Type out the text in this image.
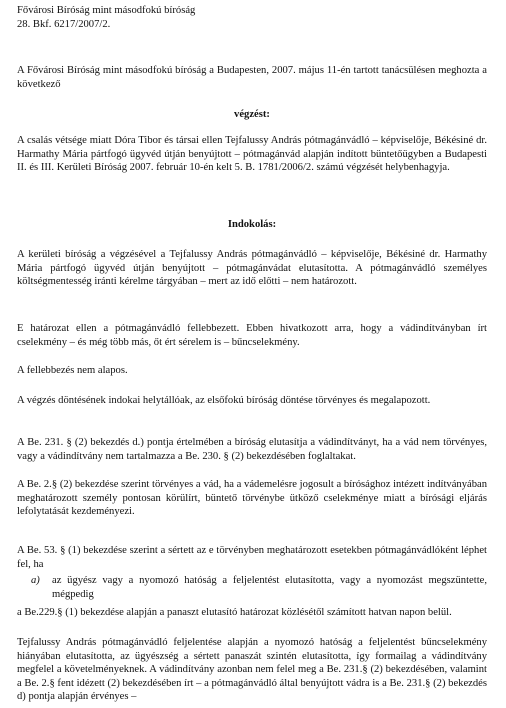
Fővárosi Bíróság mint másodfokú bíróság

28. Bkf. 6217/2007/2.

A Fővárosi Bíróság mint másodfokú bíróság a Budapesten, 2007. május 11-én tartott tanácsülésen meghozta a következő

végzést:

A csalás vétsége miatt Dóra Tibor és társai ellen Tejfalussy András pótmagánvádló – képviselője, Békésiné dr. Harmathy Mária pártfogó ügyvéd útján benyújtott – pótmagánvád alapján indított büntetőügyben a Budapesti II. és III. Kerületi Bíróság 2007. február 10-én kelt 5. B. 1781/2006/2. számú végzését helybenhagyja.

Indokolás:

A kerületi bíróság a végzésével a Tejfalussy András pótmagánvádló – képviselője, Békésiné dr. Harmathy Mária pártfogó ügyvéd útján benyújtott – pótmagánvádat elutasította. A pótmagánvádló személyes költségmentesség iránti kérelme tárgyában – mert az idő előtti – nem határozott.

E határozat ellen a pótmagánvádló fellebbezett. Ebben hivatkozott arra, hogy a vádindítványban írt cselekmény – és még több más, őt ért sérelem is – bűncselekmény.

A fellebbezés nem alapos.

A végzés döntésének indokai helytállóak, az elsőfokú bíróság döntése törvényes és megalapozott.

A Be. 231. § (2) bekezdés d.) pontja értelmében a bíróság elutasítja a vádindítványt, ha a vád nem törvényes, vagy a vádindítvány nem tartalmazza a Be. 230. § (2) bekezdésében foglaltakat.

A Be. 2.§ (2) bekezdése szerint törvényes a vád, ha a vádemelésre jogosult a bírósághoz intézett indítványában meghatározott személy pontosan körülírt, büntető törvénybe ütköző cselekménye miatt a bírósági eljárás lefolytatását kezdeményezi.

A Be. 53. § (1) bekezdése szerint a sértett az e törvényben meghatározott esetekben pótmagánvádlóként léphet fel, ha

a) az ügyész vagy a nyomozó hatóság a feljelentést elutasította, vagy a nyomozást megszüntette, mégpedig

a Be.229.§ (1) bekezdése alapján a panaszt elutasító határozat közlésétől számított hatvan napon belül.

Tejfalussy András pótmagánvádló feljelentése alapján a nyomozó hatóság a feljelentést bűncselekmény hiányában elutasította, az ügyészség a sértett panaszát szintén elutasította, így formailag a vádindítvány megfelel a követelményeknek. A vádindítvány azonban nem felel meg a Be. 231.§ (2) bekezdésében, valamint a Be. 2.§ fent idézett (2) bekezdésében írt – a pótmagánvádló által benyújtott vádra is a Be. 231.§ (2) bekezdés d) pontja alapján érvényes –
